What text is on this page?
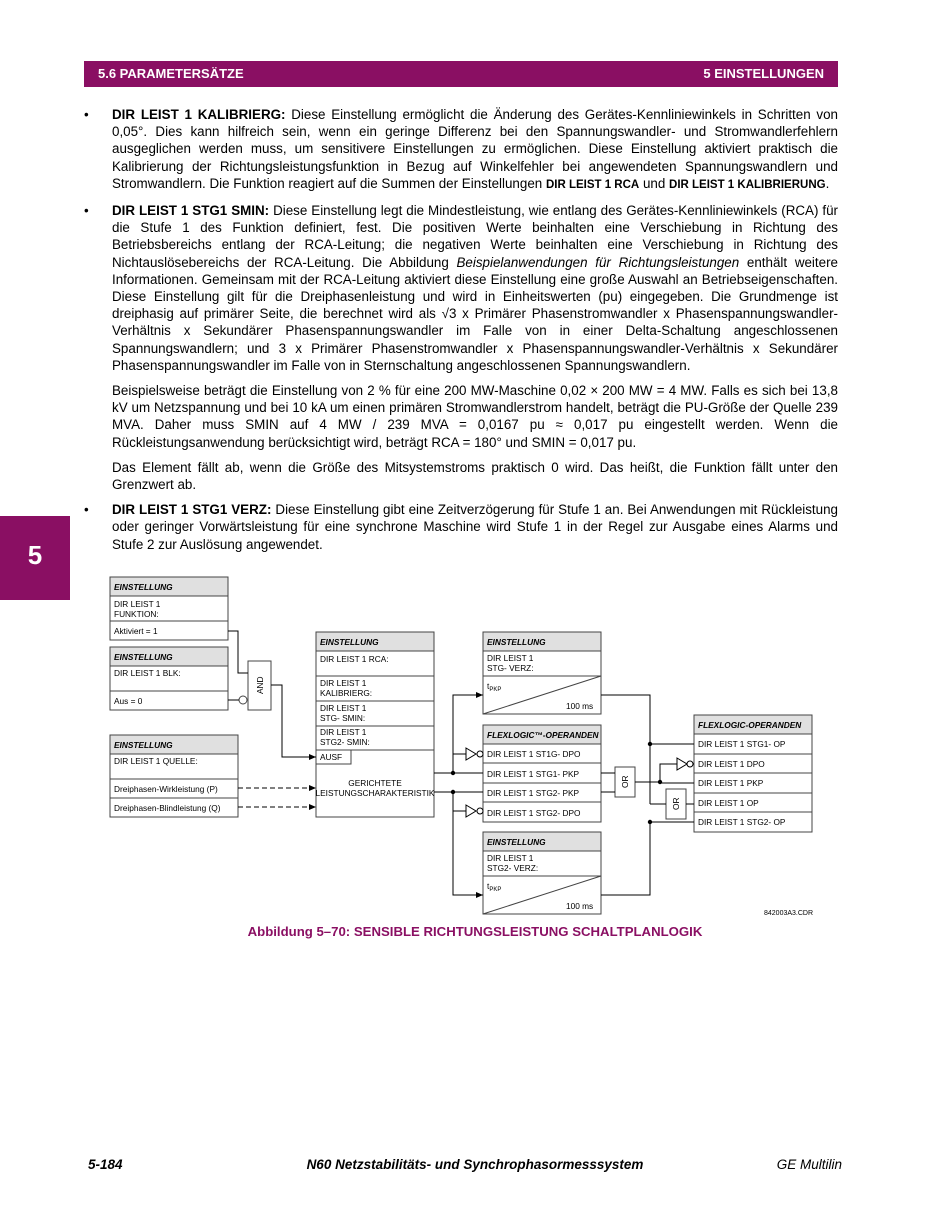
5.6 PARAMETERSÄTZE	5 EINSTELLUNGEN
5
• DIR LEIST 1 KALIBRIERG: Diese Einstellung ermöglicht die Änderung des Gerätes-Kennliniewinkels in Schritten von 0,05°. Dies kann hilfreich sein, wenn ein geringe Differenz bei den Spannungswandler- und Stromwandlerfehlern ausgeglichen werden muss, um sensitivere Einstellungen zu ermöglichen. Diese Einstellung aktiviert praktisch die Kalibrierung der Richtungsleistungsfunktion in Bezug auf Winkelfehler bei angewendeten Spannungswandlern und Stromwandlern. Die Funktion reagiert auf die Summen der Einstellungen DIR LEIST 1 RCA und DIR LEIST 1 KALIBRIERUNG.
• DIR LEIST 1 STG1 SMIN: Diese Einstellung legt die Mindestleistung, wie entlang des Gerätes-Kennliniewinkels (RCA) für die Stufe 1 des Funktion definiert, fest. Die positiven Werte beinhalten eine Verschiebung in Richtung des Betriebsbereichs entlang der RCA-Leitung; die negativen Werte beinhalten eine Verschiebung in Richtung des Nichtauslösebereichs der RCA-Leitung. Die Abbildung Beispielanwendungen für Richtungsleistungen enthält weitere Informationen. Gemeinsam mit der RCA-Leitung aktiviert diese Einstellung eine große Auswahl an Betriebseigenschaften. Diese Einstellung gilt für die Dreiphasenleistung und wird in Einheitswerten (pu) eingegeben. Die Grundmenge ist dreiphasig auf primärer Seite, die berechnet wird als √3 x Primärer Phasenstromwandler x Phasenspannungswandler-Verhältnis x Sekundärer Phasenspannungswandler im Falle von in einer Delta-Schaltung angeschlossenen Spannungswandlern; und 3 x Primärer Phasenstromwandler x Phasenspannungswandler-Verhältnis x Sekundärer Phasenspannungswandler im Falle von in Sternschaltung angeschlossenen Spannungswandlern.
Beispielsweise beträgt die Einstellung von 2 % für eine 200 MW-Maschine 0,02 × 200 MW = 4 MW. Falls es sich bei 13,8 kV um Netzspannung und bei 10 kA um einen primären Stromwandlerstrom handelt, beträgt die PU-Größe der Quelle 239 MVA. Daher muss SMIN auf 4 MW / 239 MVA = 0,0167 pu ≈ 0,017 pu eingestellt werden. Wenn die Rückleistungsanwendung berücksichtigt wird, beträgt RCA = 180° und SMIN = 0,017 pu.
Das Element fällt ab, wenn die Größe des Mitsystemstroms praktisch 0 wird. Das heißt, die Funktion fällt unter den Grenzwert ab.
• DIR LEIST 1 STG1 VERZ: Diese Einstellung gibt eine Zeitverzögerung für Stufe 1 an. Bei Anwendungen mit Rückleistung oder geringer Vorwärtsleistung für eine synchrone Maschine wird Stufe 1 in der Regel zur Ausgabe eines Alarms und Stufe 2 zur Auslösung angewendet.
EINSTELLUNG
DIR LEIST 1
FUNKTION:
Aktiviert = 1
EINSTELLUNG
DIR LEIST 1 BLK:
Aus = 0
EINSTELLUNG
DIR LEIST 1 QUELLE:
Dreiphasen-Wirkleistung (P)
Dreiphasen-Blindleistung (Q)
AND
EINSTELLUNG
DIR LEIST 1 RCA:
DIR LEIST 1
KALIBRIERG:
DIR LEIST 1
STG- SMIN:
DIR LEIST 1
STG2- SMIN:
AUSF
GERICHTETE
LEISTUNGSCHARAKTERISTIK
EINSTELLUNG
DIR LEIST 1
STG- VERZ:
$t_{PKP}$
100 ms
FLEXLOGIC™-OPERANDEN
DIR LEIST 1 ST1G- DPO
DIR LEIST 1 STG1- PKP
DIR LEIST 1 STG2- PKP
DIR LEIST 1 STG2- DPO
EINSTELLUNG
DIR LEIST 1
STG2- VERZ:
$t_{PKP}$
100 ms
OR
OR
FLEXLOGIC-OPERANDEN
DIR LEIST 1 STG1- OP
DIR LEIST 1 DPO
DIR LEIST 1 PKP
DIR LEIST 1 OP
DIR LEIST 1 STG2- OP
842003A3.CDR
Abbildung 5–70: SENSIBLE RICHTUNGSLEISTUNG SCHALTPLANLOGIK
5-184	N60 Netzstabilitäts- und Synchrophasormesssystem	GE Multilin
